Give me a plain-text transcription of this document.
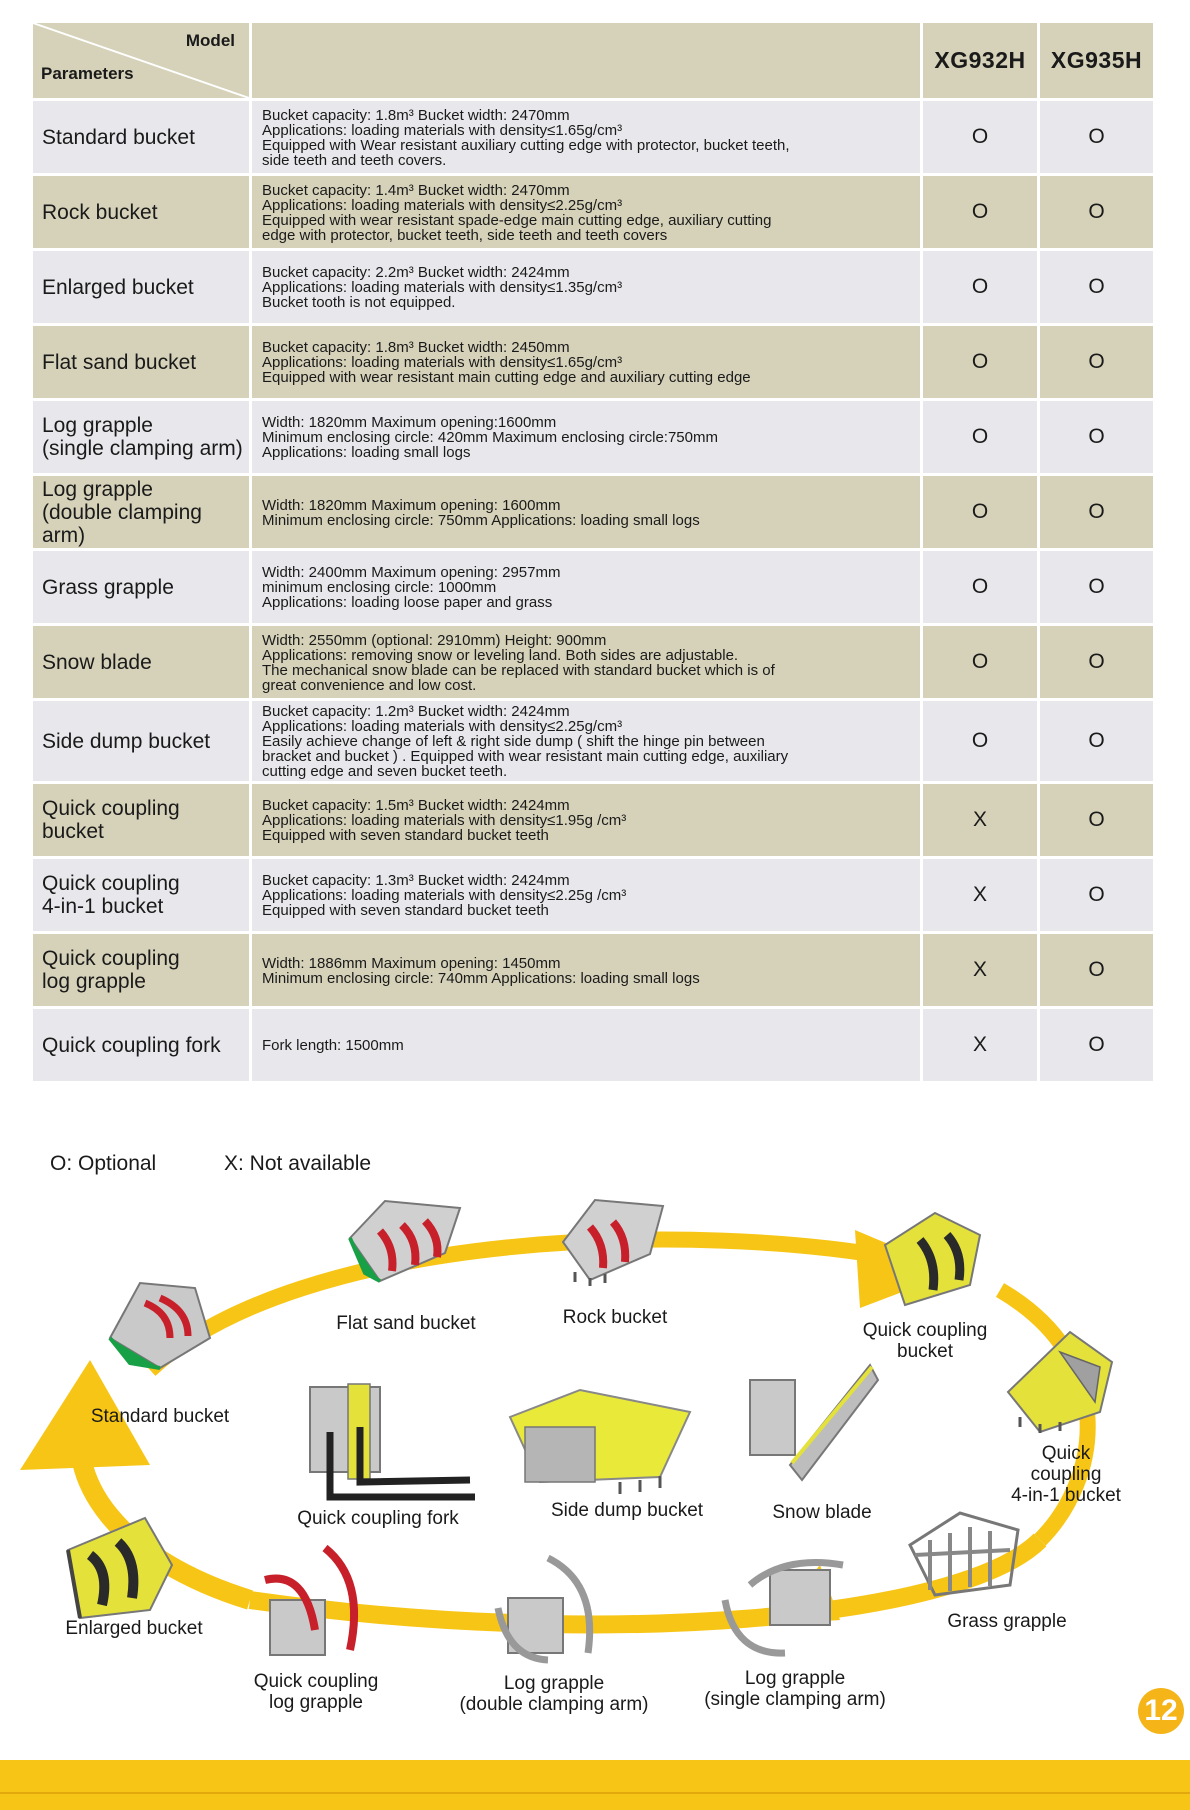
Model
Parameters		XG932H	XG935H
Standard bucket	Bucket capacity: 1.8m³ Bucket width: 2470mm
Applications: loading materials with density≤1.65g/cm³
Equipped with Wear resistant auxiliary cutting edge with protector, bucket teeth,
side teeth and teeth covers.	O	O
Rock bucket	Bucket capacity: 1.4m³ Bucket width: 2470mm
Applications: loading materials with density≤2.25g/cm³
Equipped with wear resistant spade-edge main cutting edge, auxiliary cutting
edge with protector, bucket teeth, side teeth and teeth covers	O	O
Enlarged bucket	Bucket capacity: 2.2m³ Bucket width: 2424mm
Applications: loading materials with density≤1.35g/cm³
Bucket tooth is not equipped.	O	O
Flat sand bucket	Bucket capacity: 1.8m³ Bucket width: 2450mm
Applications: loading materials with density≤1.65g/cm³
Equipped with wear resistant main cutting edge and auxiliary cutting edge	O	O
Log grapple
(single clamping arm)	Width: 1820mm Maximum opening:1600mm
Minimum enclosing circle: 420mm Maximum enclosing circle:750mm
Applications: loading small logs	O	O
Log grapple
(double clamping arm)	Width: 1820mm Maximum opening: 1600mm
Minimum enclosing circle: 750mm Applications: loading small logs	O	O
Grass grapple	Width: 2400mm Maximum opening: 2957mm
minimum enclosing circle: 1000mm
Applications: loading loose paper and grass	O	O
Snow blade	Width: 2550mm (optional: 2910mm) Height: 900mm
Applications: removing snow or leveling land. Both sides are adjustable.
The mechanical snow blade can be replaced with standard bucket which is of
great convenience and low cost.	O	O
Side dump bucket	Bucket capacity: 1.2m³ Bucket width: 2424mm
Applications: loading materials with density≤2.25g/cm³
Easily achieve change of left & right side dump ( shift the hinge pin between
bracket and bucket ) . Equipped with wear resistant main cutting edge, auxiliary
cutting edge and seven bucket teeth.	O	O
Quick coupling
bucket	Bucket capacity: 1.5m³ Bucket width: 2424mm
Applications: loading materials with density≤1.95g /cm³
Equipped with seven standard bucket teeth	X	O
Quick coupling
4-in-1 bucket	Bucket capacity: 1.3m³ Bucket width: 2424mm
Applications: loading materials with density≤2.25g /cm³
Equipped with seven standard bucket teeth	X	O
Quick coupling
log grapple	Width: 1886mm Maximum opening: 1450mm
Minimum enclosing circle: 740mm Applications: loading small logs	X	O
Quick coupling fork	Fork length: 1500mm	X	O
O: Optional	X: Not available
Standard bucket
Flat sand bucket	Rock bucket
Quick coupling
bucket
Quick coupling
4-in-1 bucket
Quick coupling fork	Side dump bucket	Snow blade
Grass grapple
Enlarged bucket
Quick coupling
log grapple
Log grapple
(double clamping arm)
Log grapple
(single clamping arm)	12
